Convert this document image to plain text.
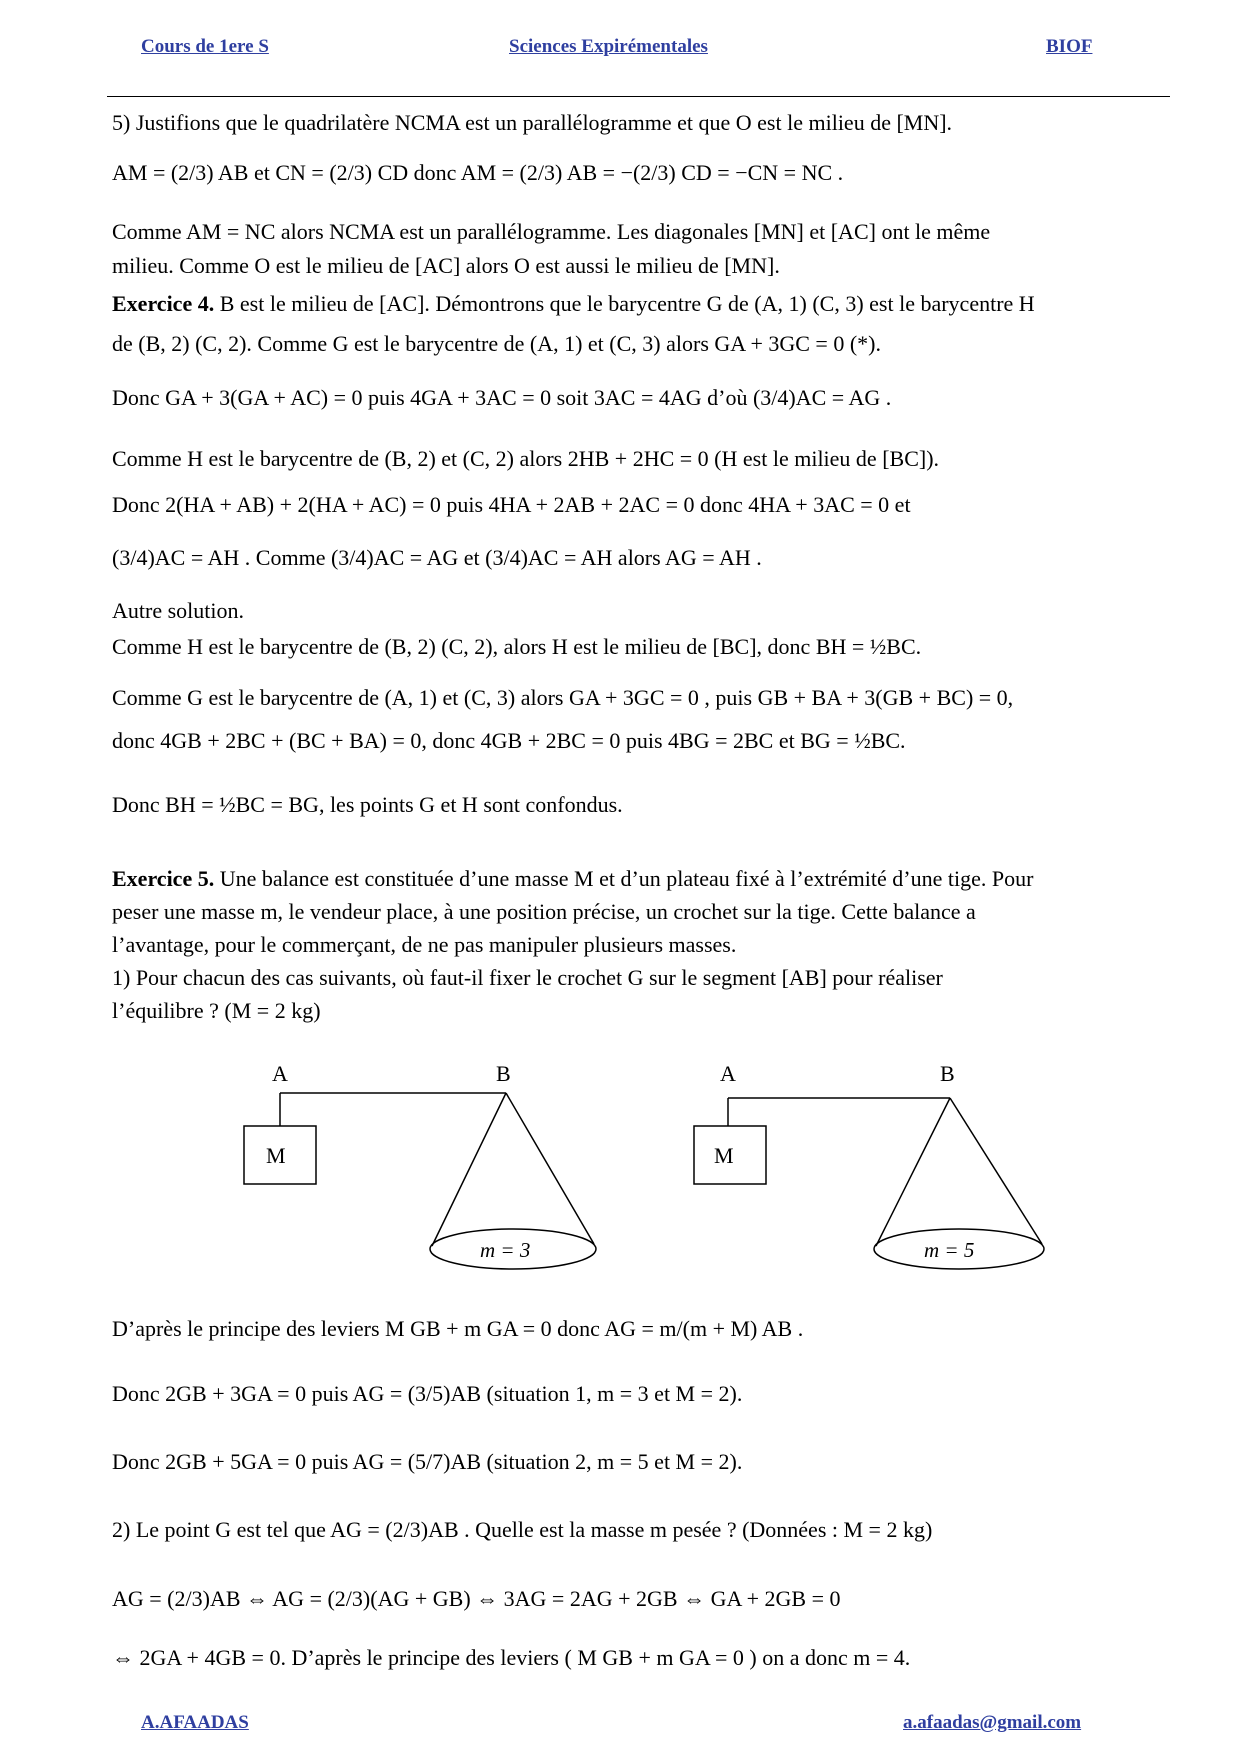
Cours de 1ere S	Sciences Expirémentales	BIOF
5) Justifions que le quadrilatère NCMA est un parallélogramme et que O est le milieu de [MN].
AM = (2/3) AB et CN = (2/3) CD donc AM = (2/3) AB = −(2/3) CD = −CN = NC .
Comme AM = NC alors NCMA est un parallélogramme. Les diagonales [MN] et [AC] ont le même
milieu. Comme O est le milieu de [AC] alors O est aussi le milieu de [MN].
Exercice 4. B est le milieu de [AC]. Démontrons que le barycentre G de (A, 1) (C, 3) est le barycentre H
de (B, 2) (C, 2). Comme G est le barycentre de (A, 1) et (C, 3) alors GA + 3GC = 0 (*).
Donc GA + 3(GA + AC) = 0 puis 4GA + 3AC = 0 soit 3AC = 4AG d’où (3/4)AC = AG .
Comme H est le barycentre de (B, 2) et (C, 2) alors 2HB + 2HC = 0 (H est le milieu de [BC]).
Donc 2(HA + AB) + 2(HA + AC) = 0 puis 4HA + 2AB + 2AC = 0 donc 4HA + 3AC = 0 et
(3/4)AC = AH . Comme (3/4)AC = AG et (3/4)AC = AH alors AG = AH .
Autre solution.
Comme H est le barycentre de (B, 2) (C, 2), alors H est le milieu de [BC], donc BH = ½BC.
Comme G est le barycentre de (A, 1) et (C, 3) alors GA + 3GC = 0 , puis GB + BA + 3(GB + BC) = 0,
donc 4GB + 2BC + (BC + BA) = 0, donc 4GB + 2BC = 0 puis 4BG = 2BC et BG = ½BC.
Donc BH = ½BC = BG, les points G et H sont confondus.
Exercice 5. Une balance est constituée d’une masse M et d’un plateau fixé à l’extrémité d’une tige. Pour
peser une masse m, le vendeur place, à une position précise, un crochet sur la tige. Cette balance a
l’avantage, pour le commerçant, de ne pas manipuler plusieurs masses.
1) Pour chacun des cas suivants, où faut-il fixer le crochet G sur le segment [AB] pour réaliser
l’équilibre ? (M = 2 kg)
A	B
M
m = 3
A	B
M
m = 5
D’après le principe des leviers M GB + m GA = 0 donc AG = m/(m + M) AB .
Donc 2GB + 3GA = 0 puis AG = (3/5)AB (situation 1, m = 3 et M = 2).
Donc 2GB + 5GA = 0 puis AG = (5/7)AB (situation 2, m = 5 et M = 2).
2) Le point G est tel que AG = (2/3)AB . Quelle est la masse m pesée ? (Données : M = 2 kg)
AG = (2/3)AB ⇔ AG = (2/3)(AG + GB) ⇔ 3AG = 2AG + 2GB ⇔ GA + 2GB = 0
⇔ 2GA + 4GB = 0. D’après le principe des leviers ( M GB + m GA = 0 ) on a donc m = 4.
A.AFAADAS	a.afaadas@gmail.com
